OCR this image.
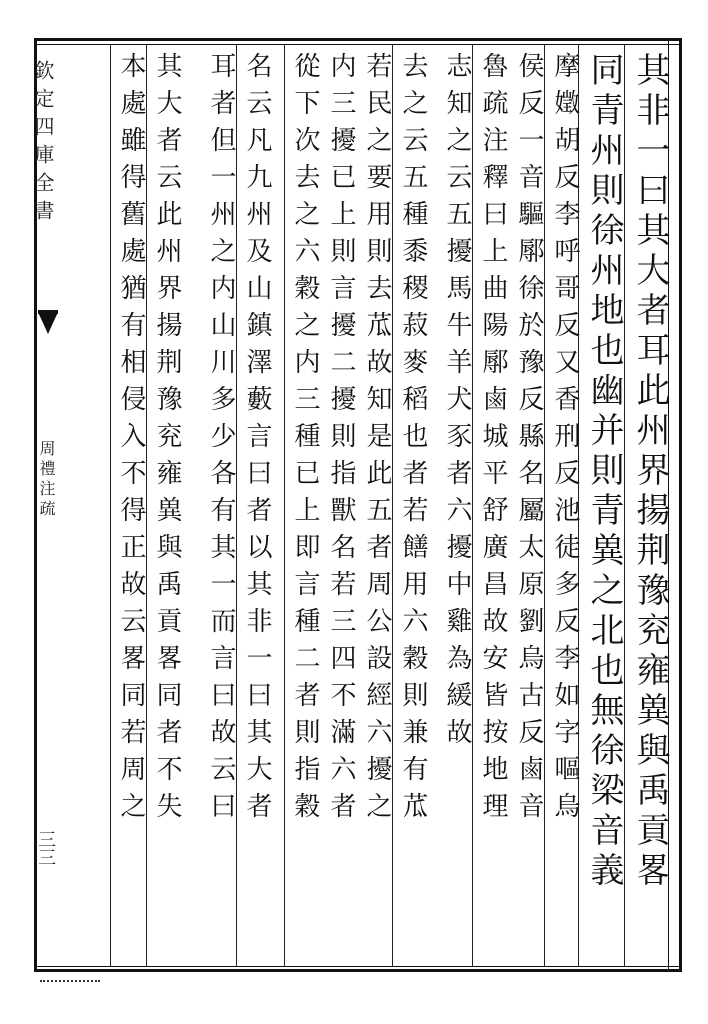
欽定四庫全書
周禮注疏
三三	其非一曰其大者耳此州界揚荆豫兖雍兾與禹貢畧
同青州則徐州地也幽并則青兾之北也無徐梁音義
摩嬍胡反李呼哥反又香刑反池徒多反李如字嘔烏
侯反一音驅鄏徐於豫反縣名屬太原劉烏古反鹵音
魯疏注釋曰上曲陽鄏鹵城平舒廣昌故安皆按地理
志知之云五擾馬牛羊犬豕者六擾中雞為緩故
去之云五種黍稷菽麥稻也者若饍用六穀則兼有苽
若民之要用則去苽故知是此五者周公設經六擾之
内三擾已上則言擾二擾則指獸名若三四不滿六者
從下次去之六穀之内三種已上即言種二者則指穀
名云凡九州及山鎮澤藪言曰者以其非一曰其大者
耳者但一州之内山川多少各有其一而言曰故云曰
其大者云此州界揚荆豫兖雍兾與禹貢畧同者不失
本處雖得舊處猶有相侵入不得正故云畧同若周之
